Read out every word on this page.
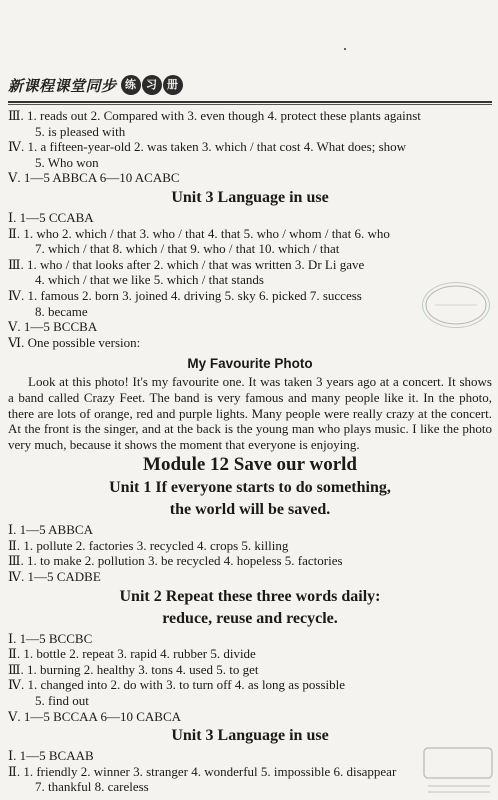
新课程课堂同步 练 习 册
Ⅲ. 1. reads out 2. Compared with 3. even though 4. protect these plants against
5. is pleased with
Ⅳ. 1. a fifteen-year-old 2. was taken 3. which / that cost 4. What does; show
5. Who won
Ⅴ. 1—5 ABBCA 6—10 ACABC
Unit 3 Language in use
Ⅰ. 1—5 CCABA
Ⅱ. 1. who 2. which / that 3. who / that 4. that 5. who / whom / that 6. who
7. which / that 8. which / that 9. who / that 10. which / that
Ⅲ. 1. who / that looks after 2. which / that was written 3. Dr Li gave
4. which / that we like 5. which / that stands
Ⅳ. 1. famous 2. born 3. joined 4. driving 5. sky 6. picked 7. success
8. became
Ⅴ. 1—5 BCCBA
Ⅵ. One possible version:
My Favourite Photo
Look at this photo! It's my favourite one. It was taken 3 years ago at a concert. It shows a band called Crazy Feet. The band is very famous and many people like it. In the photo, there are lots of orange, red and purple lights. Many people were really crazy at the concert. At the front is the singer, and at the back is the young man who plays music. I like the photo very much, because it shows the moment that everyone is enjoying.
Module 12 Save our world
Unit 1 If everyone starts to do something,
the world will be saved.
Ⅰ. 1—5 ABBCA
Ⅱ. 1. pollute 2. factories 3. recycled 4. crops 5. killing
Ⅲ. 1. to make 2. pollution 3. be recycled 4. hopeless 5. factories
Ⅳ. 1—5 CADBE
Unit 2 Repeat these three words daily:
reduce, reuse and recycle.
Ⅰ. 1—5 BCCBC
Ⅱ. 1. bottle 2. repeat 3. rapid 4. rubber 5. divide
Ⅲ. 1. burning 2. healthy 3. tons 4. used 5. to get
Ⅳ. 1. changed into 2. do with 3. to turn off 4. as long as possible
5. find out
Ⅴ. 1—5 BCCAA 6—10 CABCA
Unit 3 Language in use
Ⅰ. 1—5 BCAAB
Ⅱ. 1. friendly 2. winner 3. stranger 4. wonderful 5. impossible 6. disappear
7. thankful 8. careless
